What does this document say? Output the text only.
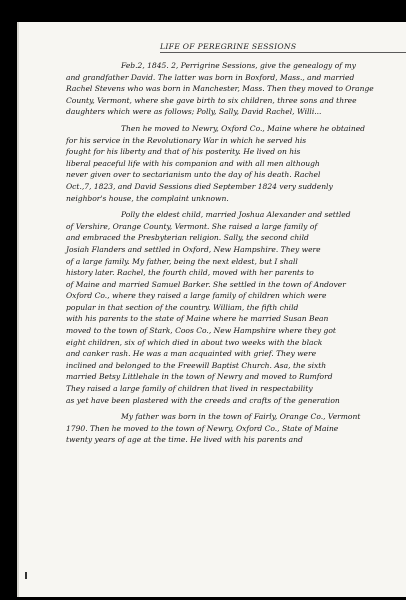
LIFE OF PEREGRINE SESSIONS
Feb.2, 1845. 2, Perrigrine Sessions, give the genealogy of my
and grandfather David. The latter was born in Boxford, Mass., and married
Rachel Stevens who was born in Manchester, Mass. Then they moved to Orange
County, Vermont, where she gave birth to six children, three sons and three
daughters which were as follows; Polly, Sally, David Rachel, Willi...
Then he moved to Newry, Oxford Co., Maine where he obtained
for his service in the Revolutionary War in which he served his
fought for his liberty and that of his posterity. He lived on his
liberal peaceful life with his companion and with all men although
never given over to sectarianism unto the day of his death. Rachel
Oct.,7, 1823, and David Sessions died September 1824 very suddenly
neighbor's house, the complaint unknown.
Polly the eldest child, married Joshua Alexander and settled
of Vershire, Orange County, Vermont. She raised a large family of
and embraced the Presbyterian religion. Sally, the second child
Josiah Flanders and settled in Oxford, New Hampshire. They were
of a large family. My father, being the next eldest, but I shall
history later. Rachel, the fourth child, moved with her parents to
of Maine and married Samuel Barker. She settled in the town of Andover
Oxford Co., where they raised a large family of children which were
popular in that section of the country. William, the fifth child
with his parents to the state of Maine where he married Susan Bean
moved to the town of Stark, Coos Co., New Hampshire where they got
eight children, six of which died in about two weeks with the black
and canker rash. He was a man acquainted with grief. They were
inclined and belonged to the Freewill Baptist Church. Asa, the sixth
married Betsy Littlehale in the town of Newry and moved to Rumford
They raised a large family of children that lived in respectability
as yet have been plastered with the creeds and crafts of the generation
My father was born in the town of Fairly, Orange Co., Vermont
1790. Then he moved to the town of Newry, Oxford Co., State of Maine
twenty years of age at the time. He lived with his parents and
